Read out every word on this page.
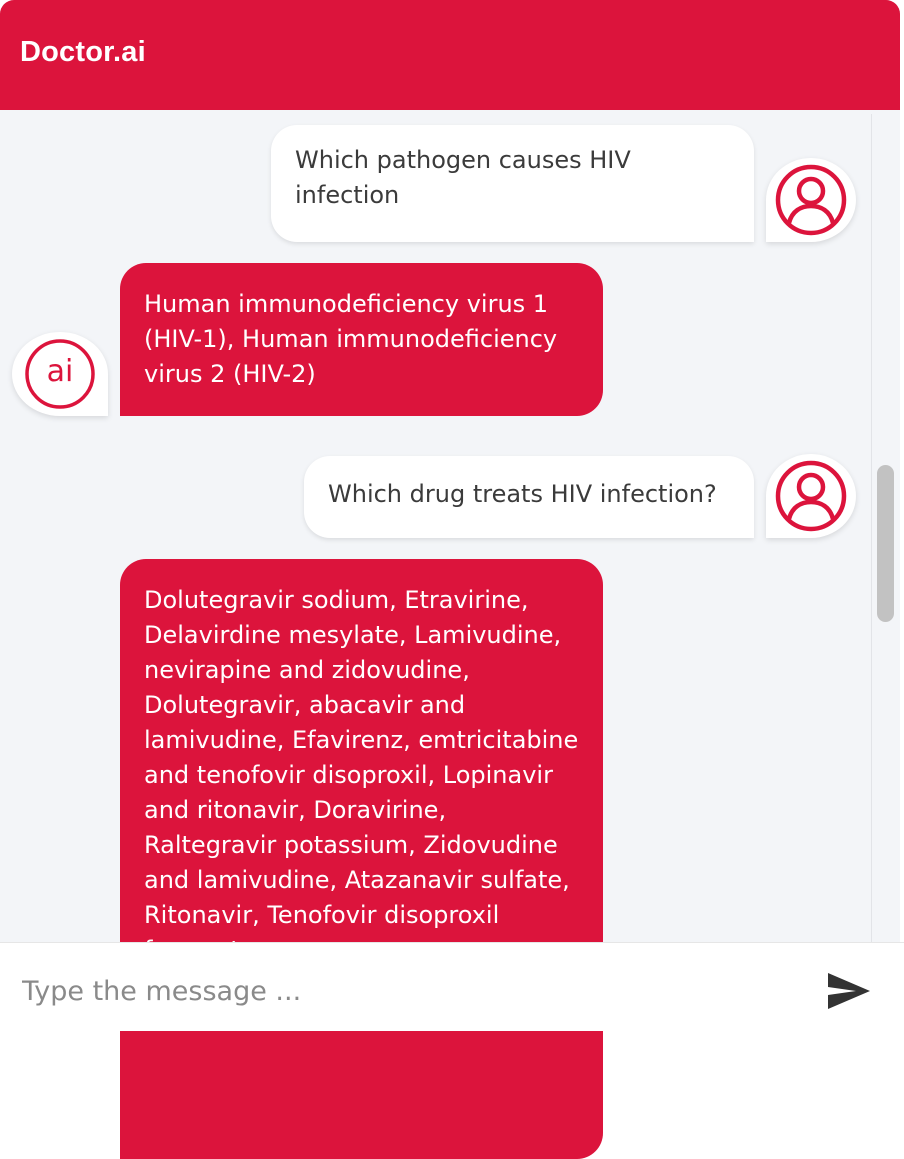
Doctor.ai
Which pathogen causes HIV infection
ai
Human immunodeficiency virus 1 (HIV-1), Human immunodeficiency virus 2 (HIV-2)
Which drug treats HIV infection?
Dolutegravir sodium, Etravirine, Delavirdine mesylate, Lamivudine, nevirapine and zidovudine, Dolutegravir, abacavir and lamivudine, Efavirenz, emtricitabine and tenofovir disoproxil, Lopinavir and ritonavir, Doravirine, Raltegravir potassium, Zidovudine and lamivudine, Atazanavir sulfate, Ritonavir, Tenofovir disoproxil
Type the message ...
